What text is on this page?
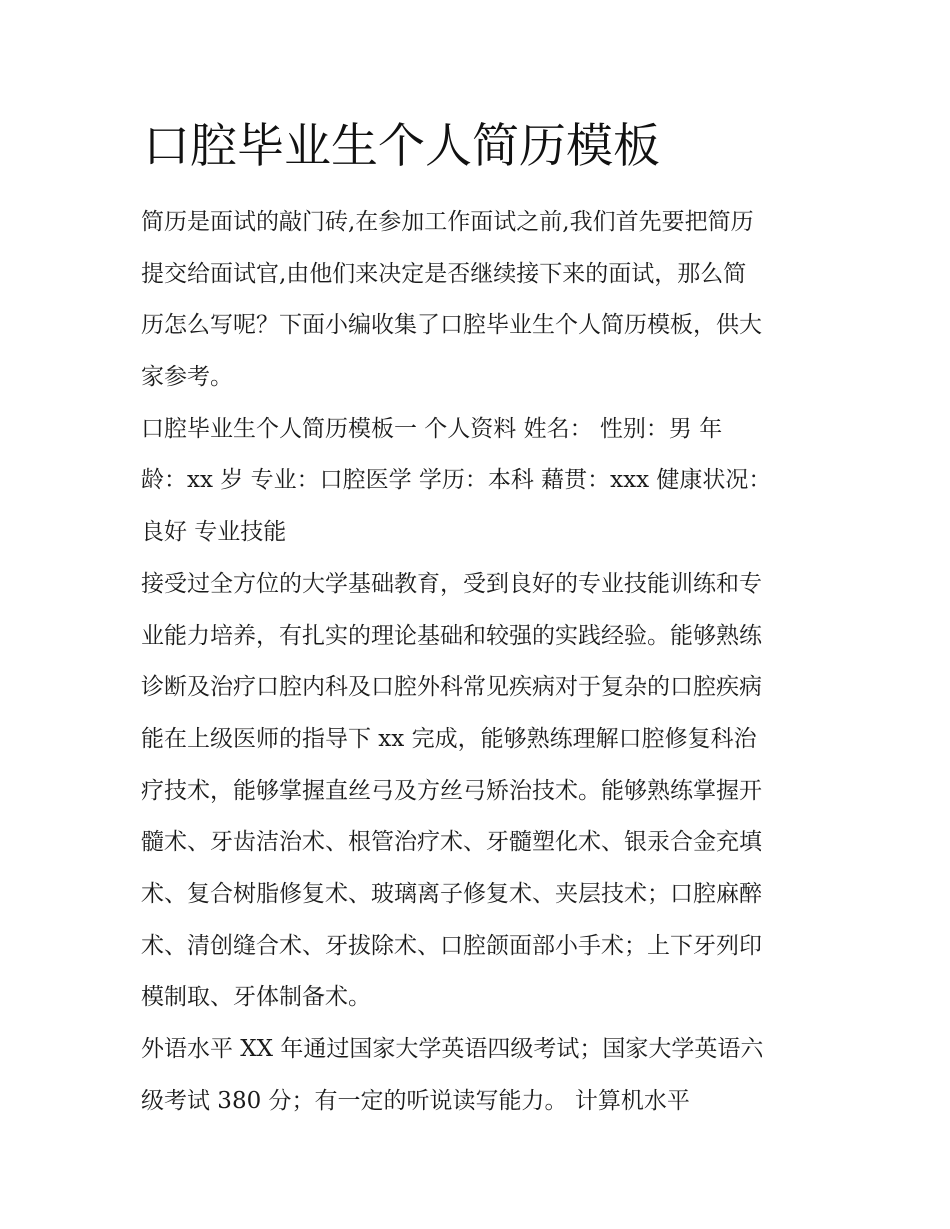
口腔毕业生个人简历模板

简历是面试的敲门砖,在参加工作面试之前,我们首先要把简历
提交给面试官,由他们来决定是否继续接下来的面试，那么简
历怎么写呢？下面小编收集了口腔毕业生个人简历模板，供大
家参考。

口腔毕业生个人简历模板一 个人资料 姓名： 性别：男 年
龄：xx 岁 专业：口腔医学 学历：本科 藉贯：xxx 健康状况：
良好 专业技能

接受过全方位的大学基础教育，受到良好的专业技能训练和专
业能力培养，有扎实的理论基础和较强的实践经验。能够熟练
诊断及治疗口腔内科及口腔外科常见疾病对于复杂的口腔疾病
能在上级医师的指导下 xx 完成，能够熟练理解口腔修复科治
疗技术，能够掌握直丝弓及方丝弓矫治技术。能够熟练掌握开
髓术、牙齿洁治术、根管治疗术、牙髓塑化术、银汞合金充填
术、复合树脂修复术、玻璃离子修复术、夹层技术；口腔麻醉
术、清创缝合术、牙拔除术、口腔颌面部小手术；上下牙列印
模制取、牙体制备术。

外语水平 XX 年通过国家大学英语四级考试；国家大学英语六
级考试 380 分；有一定的听说读写能力。 计算机水平
